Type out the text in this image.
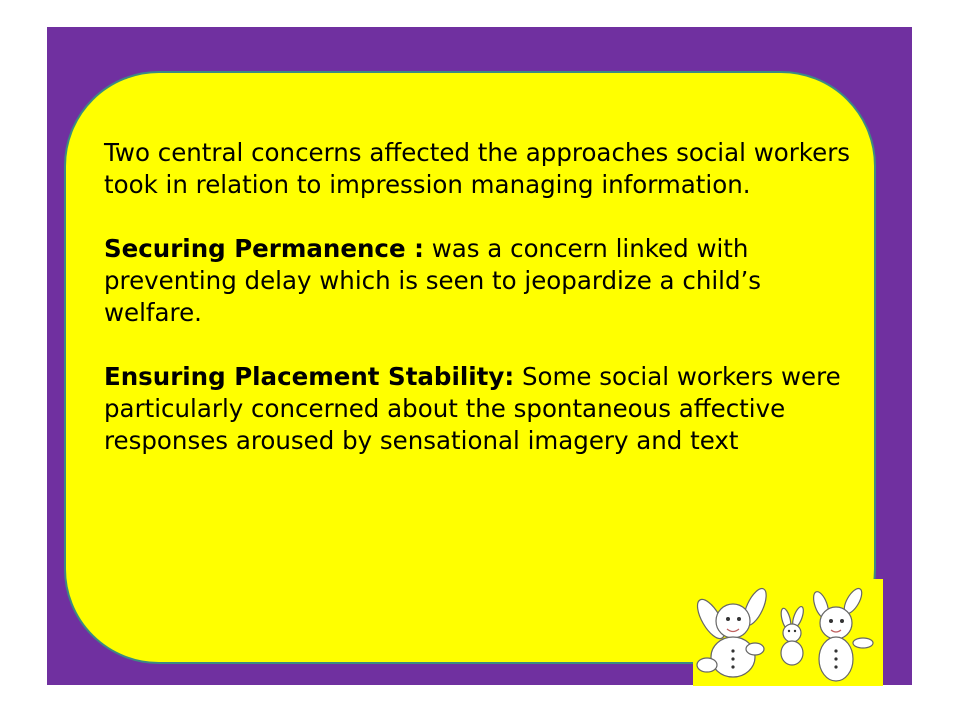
Two central concerns affected the approaches social workers took in relation to impression managing information.

Securing Permanence : was a concern linked with preventing delay which is seen to jeopardize a child’s welfare.

Ensuring Placement Stability: Some social workers were particularly concerned about the spontaneous affective responses aroused by sensational imagery and text
